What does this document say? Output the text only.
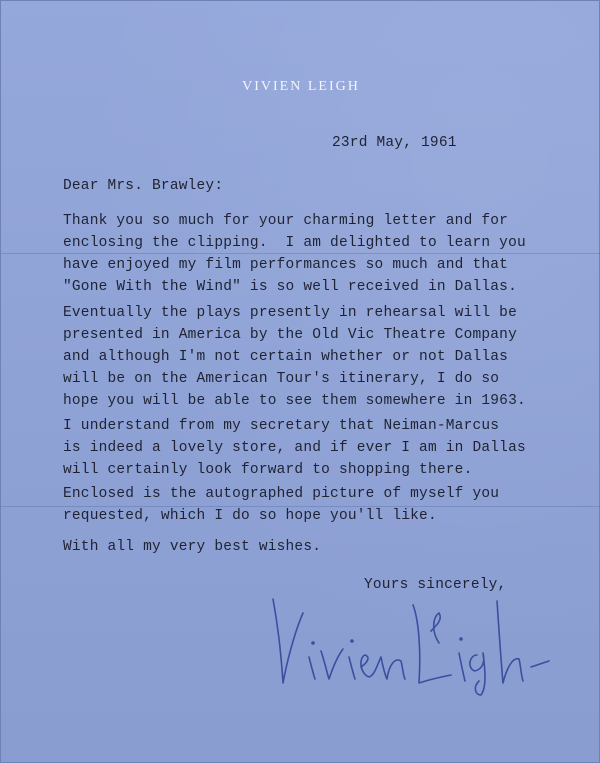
VIVIEN LEIGH
23rd May, 1961
Dear Mrs. Brawley:
Thank you so much for your charming letter and for
enclosing the clipping.  I am delighted to learn you
have enjoyed my film performances so much and that
"Gone With the Wind" is so well received in Dallas.
Eventually the plays presently in rehearsal will be
presented in America by the Old Vic Theatre Company
and although I'm not certain whether or not Dallas
will be on the American Tour's itinerary, I do so
hope you will be able to see them somewhere in 1963.
I understand from my secretary that Neiman-Marcus
is indeed a lovely store, and if ever I am in Dallas
will certainly look forward to shopping there.
Enclosed is the autographed picture of myself you
requested, which I do so hope you'll like.
With all my very best wishes.
Yours sincerely,
